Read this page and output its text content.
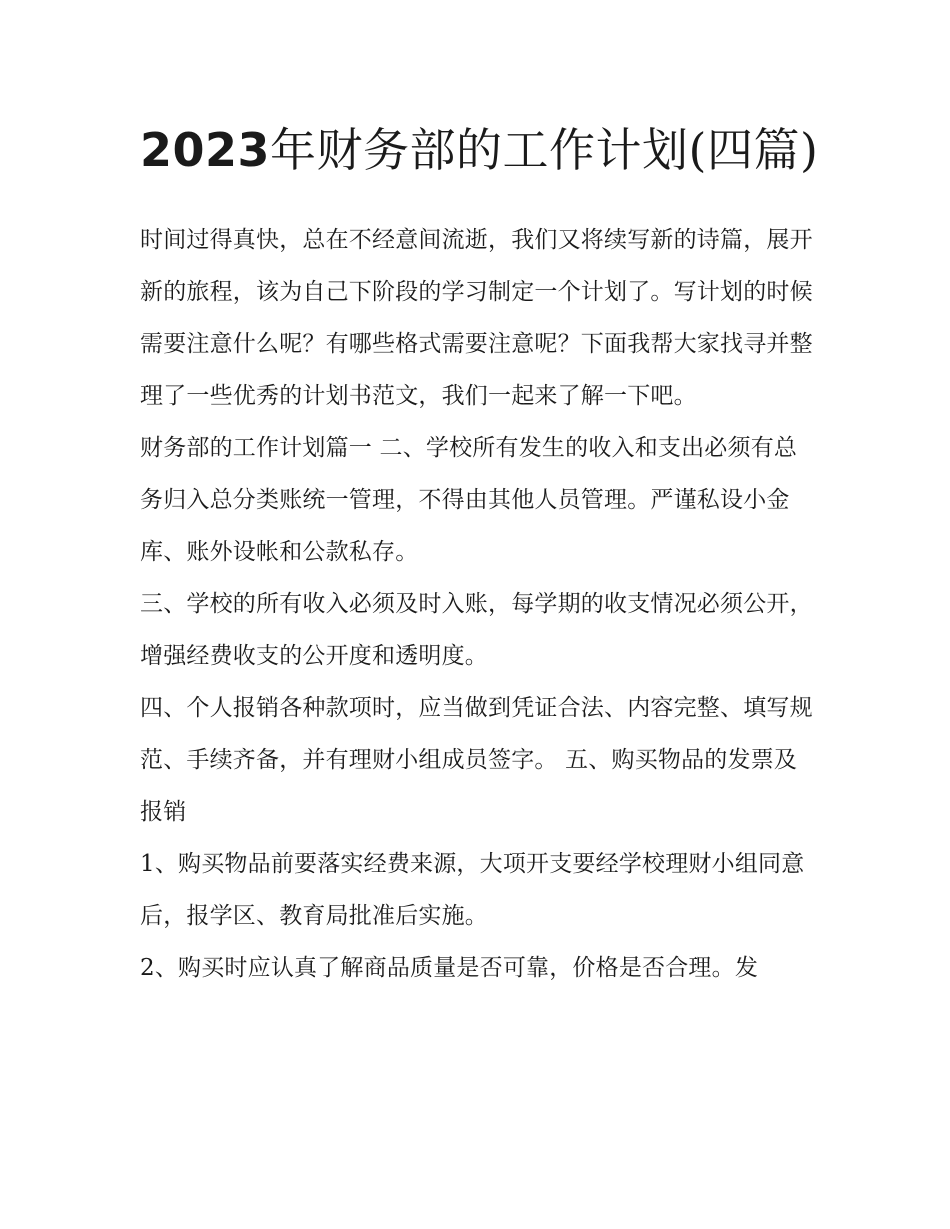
2023年财务部的工作计划(四篇)

时间过得真快，总在不经意间流逝，我们又将续写新的诗篇，展开新的旅程，该为自己下阶段的学习制定一个计划了。写计划的时候需要注意什么呢？有哪些格式需要注意呢？下面我帮大家找寻并整理了一些优秀的计划书范文，我们一起来了解一下吧。

财务部的工作计划篇一 二、学校所有发生的收入和支出必须有总务归入总分类账统一管理，不得由其他人员管理。严谨私设小金库、账外设帐和公款私存。

三、学校的所有收入必须及时入账，每学期的收支情况必须公开，增强经费收支的公开度和透明度。

四、个人报销各种款项时，应当做到凭证合法、内容完整、填写规范、手续齐备，并有理财小组成员签字。 五、购买物品的发票及报销

1、购买物品前要落实经费来源，大项开支要经学校理财小组同意后，报学区、教育局批准后实施。

2、购买时应认真了解商品质量是否可靠，价格是否合理。发
